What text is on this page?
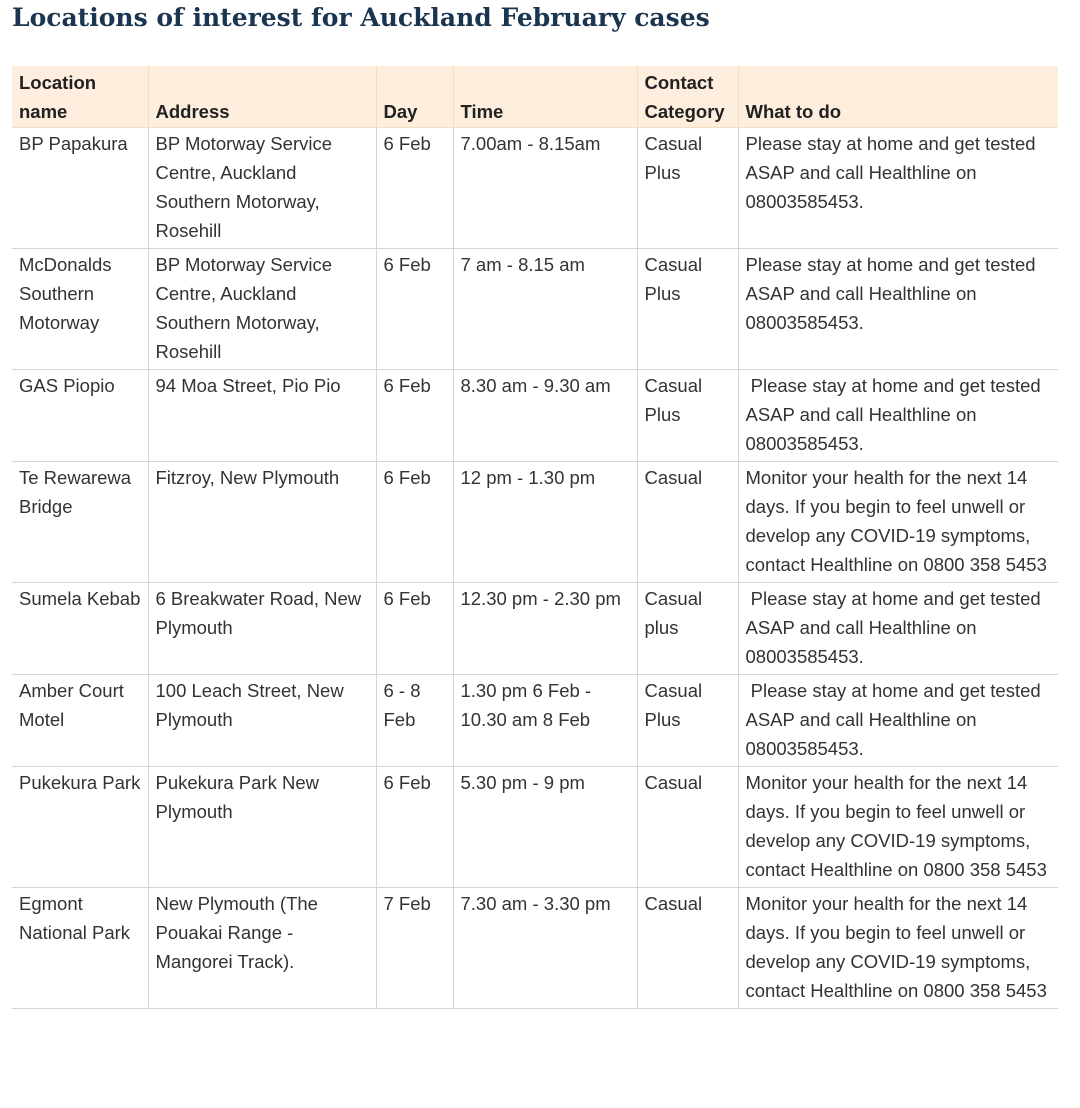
Locations of interest for Auckland February cases
Location name	Address	Day	Time	Contact Category	What to do
BP Papakura	BP Motorway Service Centre, Auckland Southern Motorway, Rosehill	6 Feb	7.00am - 8.15am	Casual Plus	Please stay at home and get tested ASAP and call Healthline on 08003585453.
McDonalds Southern Motorway	BP Motorway Service Centre, Auckland Southern Motorway, Rosehill	6 Feb	7 am - 8.15 am	Casual Plus	Please stay at home and get tested ASAP and call Healthline on 08003585453.
GAS Piopio	94 Moa Street, Pio Pio	6 Feb	8.30 am - 9.30 am	Casual Plus	Please stay at home and get tested ASAP and call Healthline on 08003585453.
Te Rewarewa Bridge	Fitzroy, New Plymouth	6 Feb	12 pm - 1.30 pm	Casual	Monitor your health for the next 14 days. If you begin to feel unwell or develop any COVID-19 symptoms, contact Healthline on 0800 358 5453
Sumela Kebab	6 Breakwater Road, New Plymouth	6 Feb	12.30 pm - 2.30 pm	Casual plus	Please stay at home and get tested ASAP and call Healthline on 08003585453.
Amber Court Motel	100 Leach Street, New Plymouth	6 - 8 Feb	1.30 pm 6 Feb - 10.30 am 8 Feb	Casual Plus	Please stay at home and get tested ASAP and call Healthline on 08003585453.
Pukekura Park	Pukekura Park New Plymouth	6 Feb	5.30 pm - 9 pm	Casual	Monitor your health for the next 14 days. If you begin to feel unwell or develop any COVID-19 symptoms, contact Healthline on 0800 358 5453
Egmont National Park	New Plymouth (The Pouakai Range - Mangorei Track).	7 Feb	7.30 am - 3.30 pm	Casual	Monitor your health for the next 14 days. If you begin to feel unwell or develop any COVID-19 symptoms, contact Healthline on 0800 358 5453
